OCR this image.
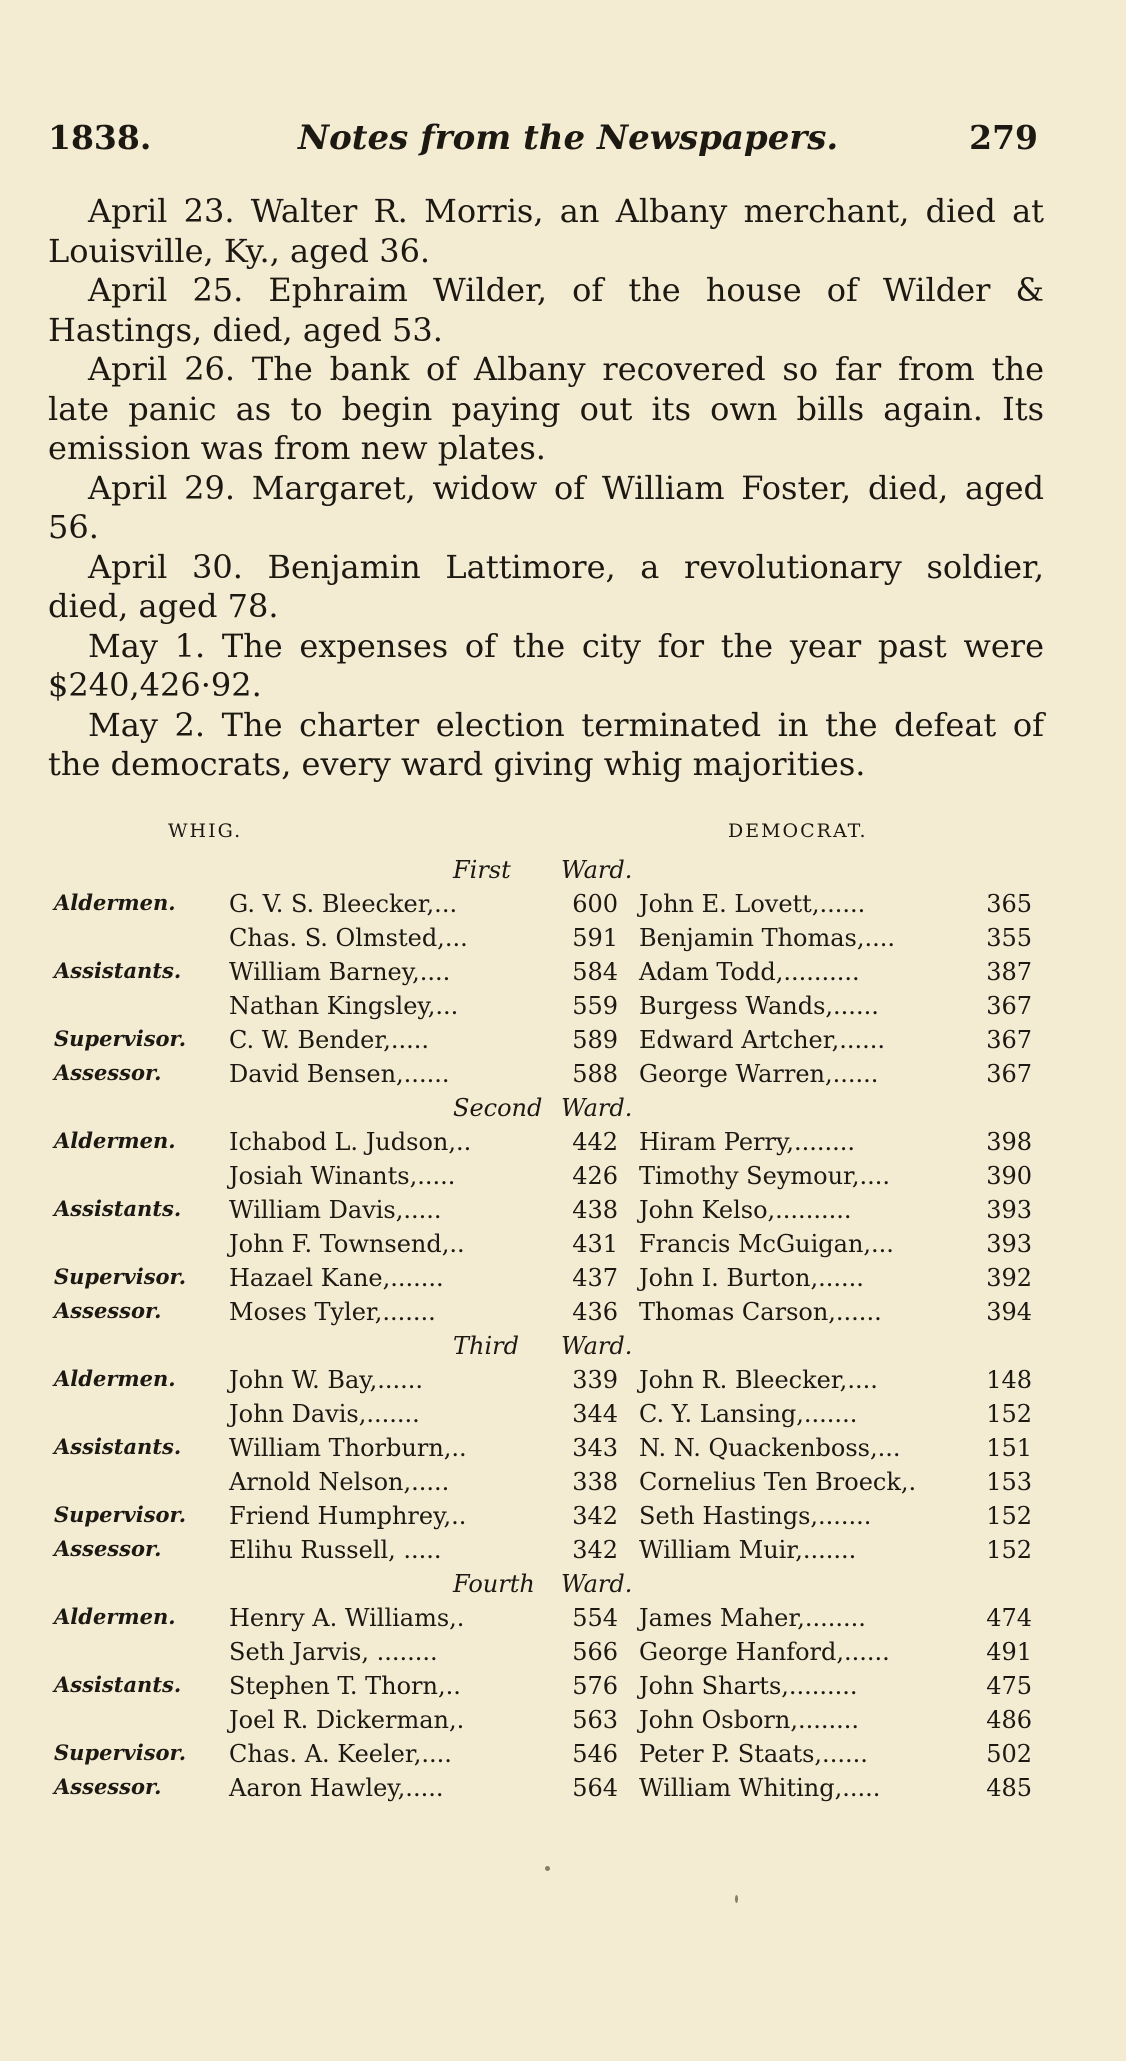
1838.	Notes from the Newspapers.	279

April 23. Walter R. Morris, an Albany merchant, died at Louisville, Ky., aged 36.

April 25. Ephraim Wilder, of the house of Wilder & Hastings, died, aged 53.

April 26. The bank of Albany recovered so far from the late panic as to begin paying out its own bills again. Its emission was from new plates.

April 29. Margaret, widow of William Foster, died, aged 56.

April 30. Benjamin Lattimore, a revolutionary soldier, died, aged 78.

May 1. The expenses of the city for the year past were $240,426·92.

May 2. The charter election terminated in the defeat of the democrats, every ward giving whig majorities.

WHIG.	DEMOCRAT.
First Ward.
Aldermen. G. V. S. Bleecker,...	600 John E. Lovett,......	365
Chas. S. Olmsted,...	591 Benjamin Thomas,....	355
Assistants. William Barney,....	584 Adam Todd,..........	387
Nathan Kingsley,...	559 Burgess Wands,......	367
Supervisor. C. W. Bender,.....	589 Edward Artcher,......	367
Assessor.	David Bensen,......	588 George Warren,......	367
Second Ward.
Aldermen. Ichabod L. Judson,..	442 Hiram Perry,........	398
Josiah Winants,.....	426 Timothy Seymour,....	390
Assistants. William Davis,.....	438 John Kelso,..........	393
John F. Townsend,..	431 Francis McGuigan,...	393
Supervisor. Hazael Kane,.......	437 John I. Burton,......	392
Assessor.	Moses Tyler,.......	436 Thomas Carson,......	394
Third Ward.
Aldermen. John W. Bay,......	339 John R. Bleecker,....	148
John Davis,.......	344 C. Y. Lansing,.......	152
Assistants. William Thorburn,..	343 N. N. Quackenboss,...	151
Arnold Nelson,.....	338 Cornelius Ten Broeck,.	153
Supervisor. Friend Humphrey,..	342 Seth Hastings,.......	152
Assessor.	Elihu Russell, .....	342 William Muir,.......	152
Fourth Ward.
Aldermen. Henry A. Williams,.	554 James Maher,........	474
Seth Jarvis, ........	566 George Hanford,......	491
Assistants. Stephen T. Thorn,..	576 John Sharts,.........	475
Joel R. Dickerman,.	563 John Osborn,........	486
Supervisor. Chas. A. Keeler,....	546 Peter P. Staats,......	502
Assessor.	Aaron Hawley,.....	564 William Whiting,.....	485
